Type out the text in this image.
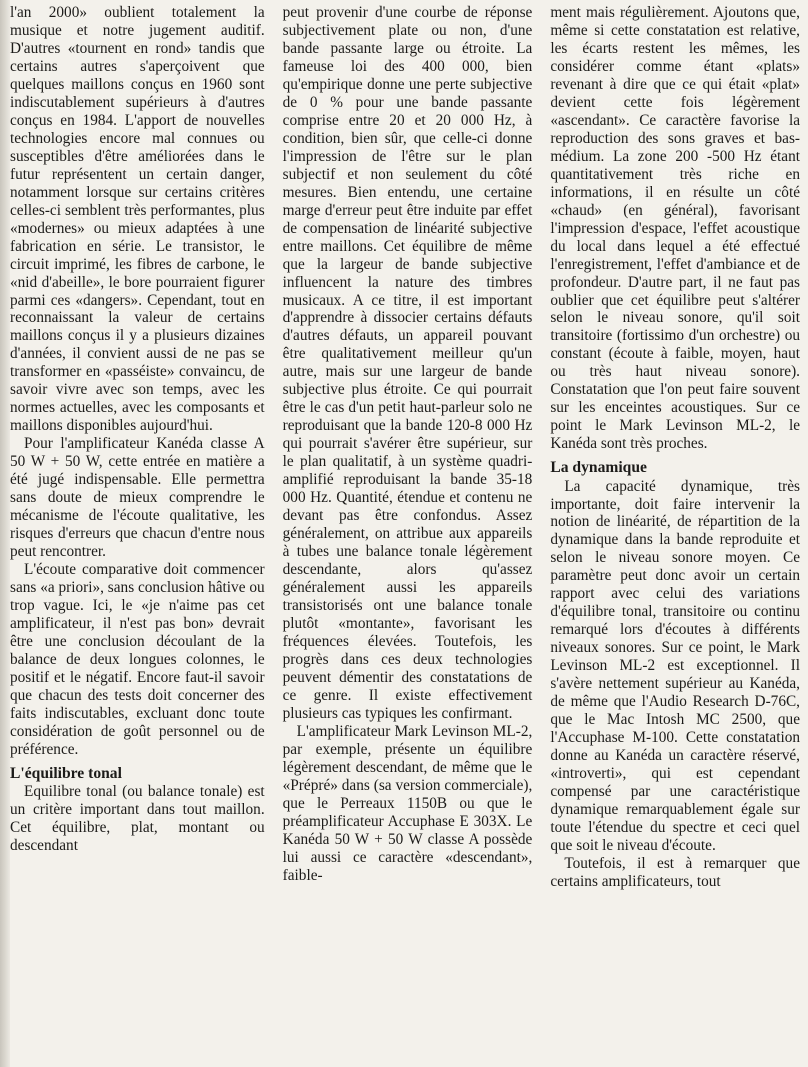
l'an 2000» oublient totalement la musique et notre jugement auditif. D'autres «tournent en rond» tandis que certains autres s'aperçoivent que quelques maillons conçus en 1960 sont indiscutablement supérieurs à d'autres conçus en 1984. L'apport de nouvelles technologies encore mal connues ou susceptibles d'être améliorées dans le futur représentent un certain danger, notamment lorsque sur certains critères celles-ci semblent très performantes, plus «modernes» ou mieux adaptées à une fabrication en série. Le transistor, le circuit imprimé, les fibres de carbone, le «nid d'abeille», le bore pourraient figurer parmi ces «dangers». Cependant, tout en reconnaissant la valeur de certains maillons conçus il y a plusieurs dizaines d'années, il convient aussi de ne pas se transformer en «passéiste» convaincu, de savoir vivre avec son temps, avec les normes actuelles, avec les composants et maillons disponibles aujourd'hui.

Pour l'amplificateur Kanéda classe A 50 W + 50 W, cette entrée en matière a été jugé indispensable. Elle permettra sans doute de mieux comprendre le mécanisme de l'écoute qualitative, les risques d'erreurs que chacun d'entre nous peut rencontrer.

L'écoute comparative doit commencer sans «a priori», sans conclusion hâtive ou trop vague. Ici, le «je n'aime pas cet amplificateur, il n'est pas bon» devrait être une conclusion découlant de la balance de deux longues colonnes, le positif et le négatif. Encore faut-il savoir que chacun des tests doit concerner des faits indiscutables, excluant donc toute considération de goût personnel ou de préférence.

L'équilibre tonal

Equilibre tonal (ou balance tonale) est un critère important dans tout maillon. Cet équilibre, plat, montant ou descendant

peut provenir d'une courbe de réponse subjectivement plate ou non, d'une bande passante large ou étroite. La fameuse loi des 400 000, bien qu'empirique donne une perte subjective de 0 % pour une bande passante comprise entre 20 et 20 000 Hz, à condition, bien sûr, que celle-ci donne l'impression de l'être sur le plan subjectif et non seulement du côté mesures. Bien entendu, une certaine marge d'erreur peut être induite par effet de compensation de linéarité subjective entre maillons. Cet équilibre de même que la largeur de bande subjective influencent la nature des timbres musicaux. A ce titre, il est important d'apprendre à dissocier certains défauts d'autres défauts, un appareil pouvant être qualitativement meilleur qu'un autre, mais sur une largeur de bande subjective plus étroite. Ce qui pourrait être le cas d'un petit haut-parleur solo ne reproduisant que la bande 120-8 000 Hz qui pourrait s'avérer être supérieur, sur le plan qualitatif, à un système quadri-amplifié reproduisant la bande 35-18 000 Hz. Quantité, étendue et contenu ne devant pas être confondus. Assez généralement, on attribue aux appareils à tubes une balance tonale légèrement descendante, alors qu'assez généralement aussi les appareils transistorisés ont une balance tonale plutôt «montante», favorisant les fréquences élevées. Toutefois, les progrès dans ces deux technologies peuvent démentir des constatations de ce genre. Il existe effectivement plusieurs cas typiques les confirmant.

L'amplificateur Mark Levinson ML-2, par exemple, présente un équilibre légèrement descendant, de même que le «Prépré» dans (sa version commerciale), que le Perreaux 1150B ou que le préamplificateur Accuphase E 303X. Le Kanéda 50 W + 50 W classe A possède lui aussi ce caractère «descendant», faible-

ment mais régulièrement. Ajoutons que, même si cette constatation est relative, les écarts restent les mêmes, les considérer comme étant «plats» revenant à dire que ce qui était «plat» devient cette fois légèrement «ascendant». Ce caractère favorise la reproduction des sons graves et bas-médium. La zone 200 -500 Hz étant quantitativement très riche en informations, il en résulte un côté «chaud» (en général), favorisant l'impression d'espace, l'effet acoustique du local dans lequel a été effectué l'enregistrement, l'effet d'ambiance et de profondeur. D'autre part, il ne faut pas oublier que cet équilibre peut s'altérer selon le niveau sonore, qu'il soit transitoire (fortissimo d'un orchestre) ou constant (écoute à faible, moyen, haut ou très haut niveau sonore). Constatation que l'on peut faire souvent sur les enceintes acoustiques. Sur ce point le Mark Levinson ML-2, le Kanéda sont très proches.

La dynamique

La capacité dynamique, très importante, doit faire intervenir la notion de linéarité, de répartition de la dynamique dans la bande reproduite et selon le niveau sonore moyen. Ce paramètre peut donc avoir un certain rapport avec celui des variations d'équilibre tonal, transitoire ou continu remarqué lors d'écoutes à différents niveaux sonores. Sur ce point, le Mark Levinson ML-2 est exceptionnel. Il s'avère nettement supérieur au Kanéda, de même que l'Audio Research D-76C, que le Mac Intosh MC 2500, que l'Accuphase M-100. Cette constatation donne au Kanéda un caractère réservé, «introverti», qui est cependant compensé par une caractéristique dynamique remarquablement égale sur toute l'étendue du spectre et ceci quel que soit le niveau d'écoute.

Toutefois, il est à remarquer que certains amplificateurs, tout
